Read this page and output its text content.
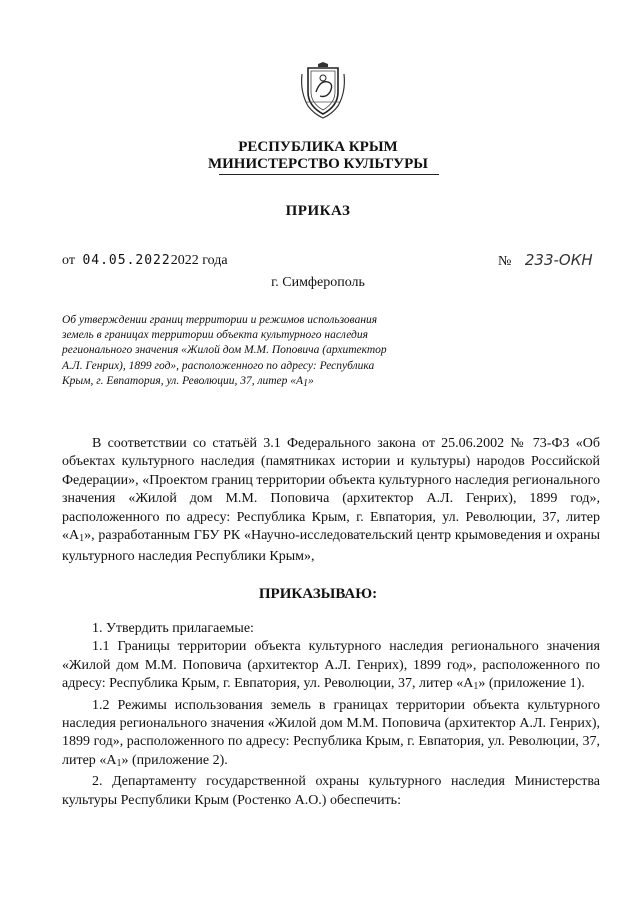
РЕСПУБЛИКА КРЫМ
МИНИСТЕРСТВО КУЛЬТУРЫ
ПРИКАЗ
от 04.05.20222022 года	№ 233-ОКН
г. Симферополь
Об утверждении границ территории и режимов использования земель в границах территории объекта культурного наследия регионального значения «Жилой дом М.М. Поповича (архитектор А.Л. Генрих), 1899 год», расположенного по адресу: Республика Крым, г. Евпатория, ул. Революции, 37, литер «А1»

В соответствии со статьёй 3.1 Федерального закона от 25.06.2002 № 73-ФЗ «Об объектах культурного наследия (памятниках истории и культуры) народов Российской Федерации», «Проектом границ территории объекта культурного наследия регионального значения «Жилой дом М.М. Поповича (архитектор А.Л. Генрих), 1899 год», расположенного по адресу: Республика Крым, г. Евпатория, ул. Революции, 37, литер «А1», разработанным ГБУ РК «Научно-исследовательский центр крымоведения и охраны культурного наследия Республики Крым»,

ПРИКАЗЫВАЮ:

1. Утвердить прилагаемые:

1.1 Границы территории объекта культурного наследия регионального значения «Жилой дом М.М. Поповича (архитектор А.Л. Генрих), 1899 год», расположенного по адресу: Республика Крым, г. Евпатория, ул. Революции, 37, литер «А1» (приложение 1).

1.2 Режимы использования земель в границах территории объекта культурного наследия регионального значения «Жилой дом М.М. Поповича (архитектор А.Л. Генрих), 1899 год», расположенного по адресу: Республика Крым, г. Евпатория, ул. Революции, 37, литер «А1» (приложение 2).

2. Департаменту государственной охраны культурного наследия Министерства культуры Республики Крым (Ростенко А.О.) обеспечить:
